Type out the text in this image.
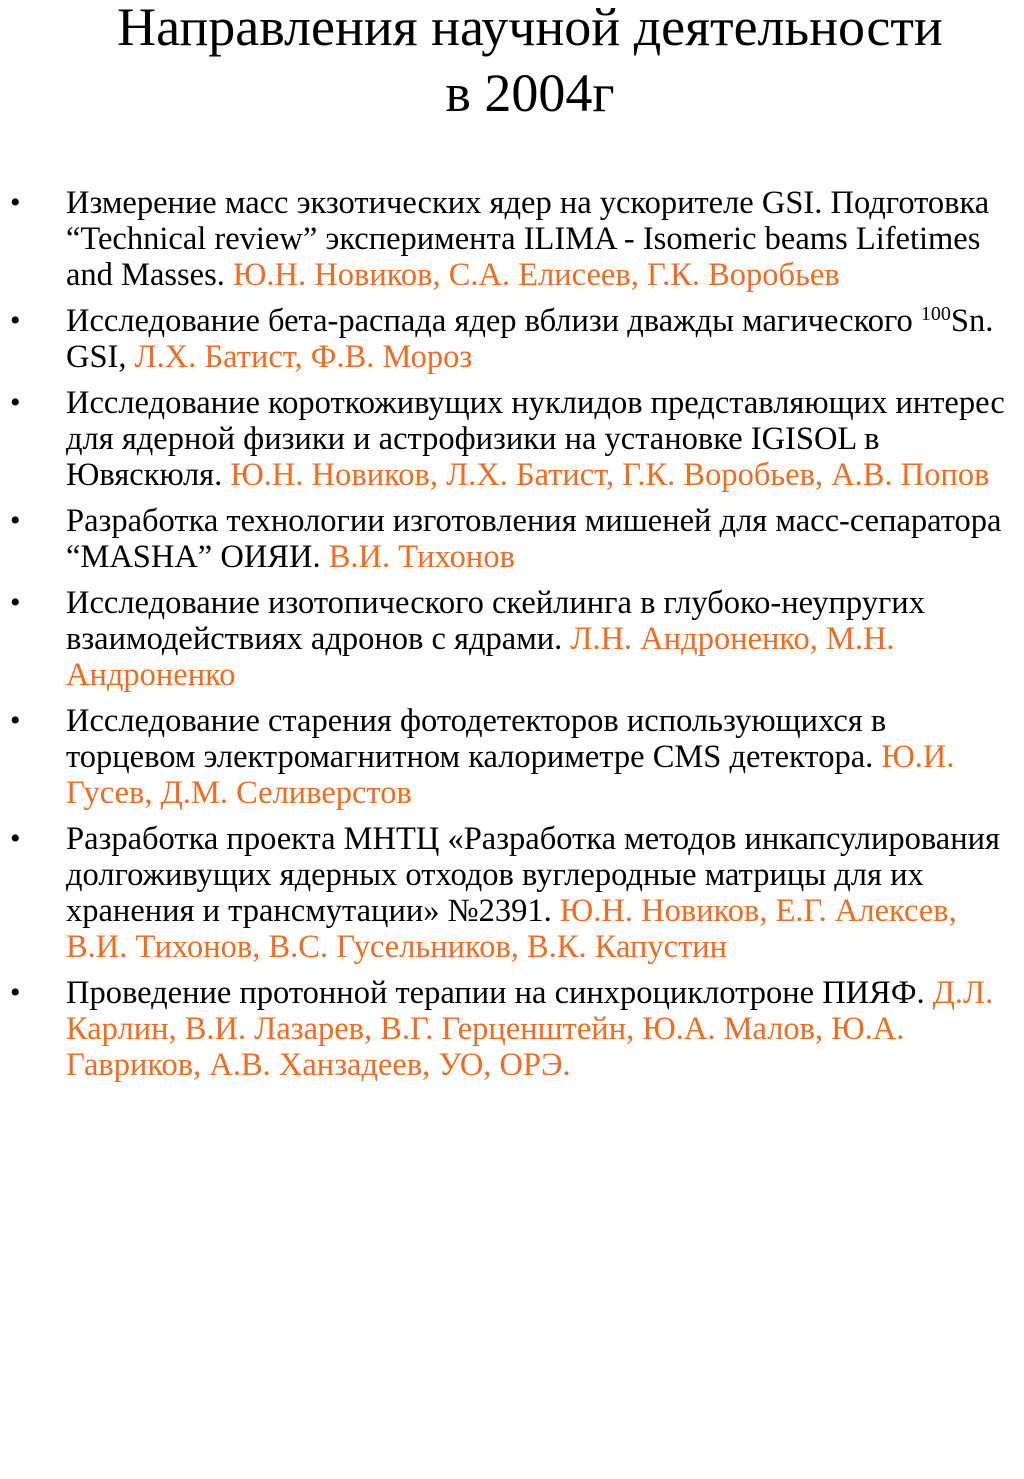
Направления научной деятельности
в 2004г
• Измерение масс экзотических ядер на ускорителе GSI. Подготовка “Technical review” эксперимента ILIMA - Isomeric beams Lifetimes and Masses. Ю.Н. Новиков, С.А. Елисеев, Г.К. Воробьев
• Исследование бета-распада ядер вблизи дважды магического $^{100}$Sn. GSI, Л.Х. Батист, Ф.В. Мороз
• Исследование короткоживущих нуклидов представляющих интерес для ядерной физики и астрофизики на установке IGISOL в Ювяскюля. Ю.Н. Новиков, Л.Х. Батист, Г.К. Воробьев, А.В. Попов
• Разработка технологии изготовления мишеней для масс-сепаратора “MASHA” ОИЯИ. В.И. Тихонов
• Исследование изотопического скейлинга в глубоко-неупругих взаимодействиях адронов с ядрами. Л.Н. Андроненко, М.Н. Андроненко
• Исследование старения фотодетекторов использующихся в торцевом электромагнитном калориметре CMS детектора. Ю.И. Гусев, Д.М. Селиверстов
• Разработка проекта МНТЦ «Разработка методов инкапсулирования долгоживущих ядерных отходов вуглеродные матрицы для их хранения и трансмутации» №2391. Ю.Н. Новиков, Е.Г. Алексев, В.И. Тихонов, В.С. Гусельников, В.К. Капустин
• Проведение протонной терапии на синхроциклотроне ПИЯФ. Д.Л. Карлин, В.И. Лазарев, В.Г. Герценштейн, Ю.А. Малов, Ю.А. Гавриков, А.В. Ханзадеев, УО, ОРЭ.
